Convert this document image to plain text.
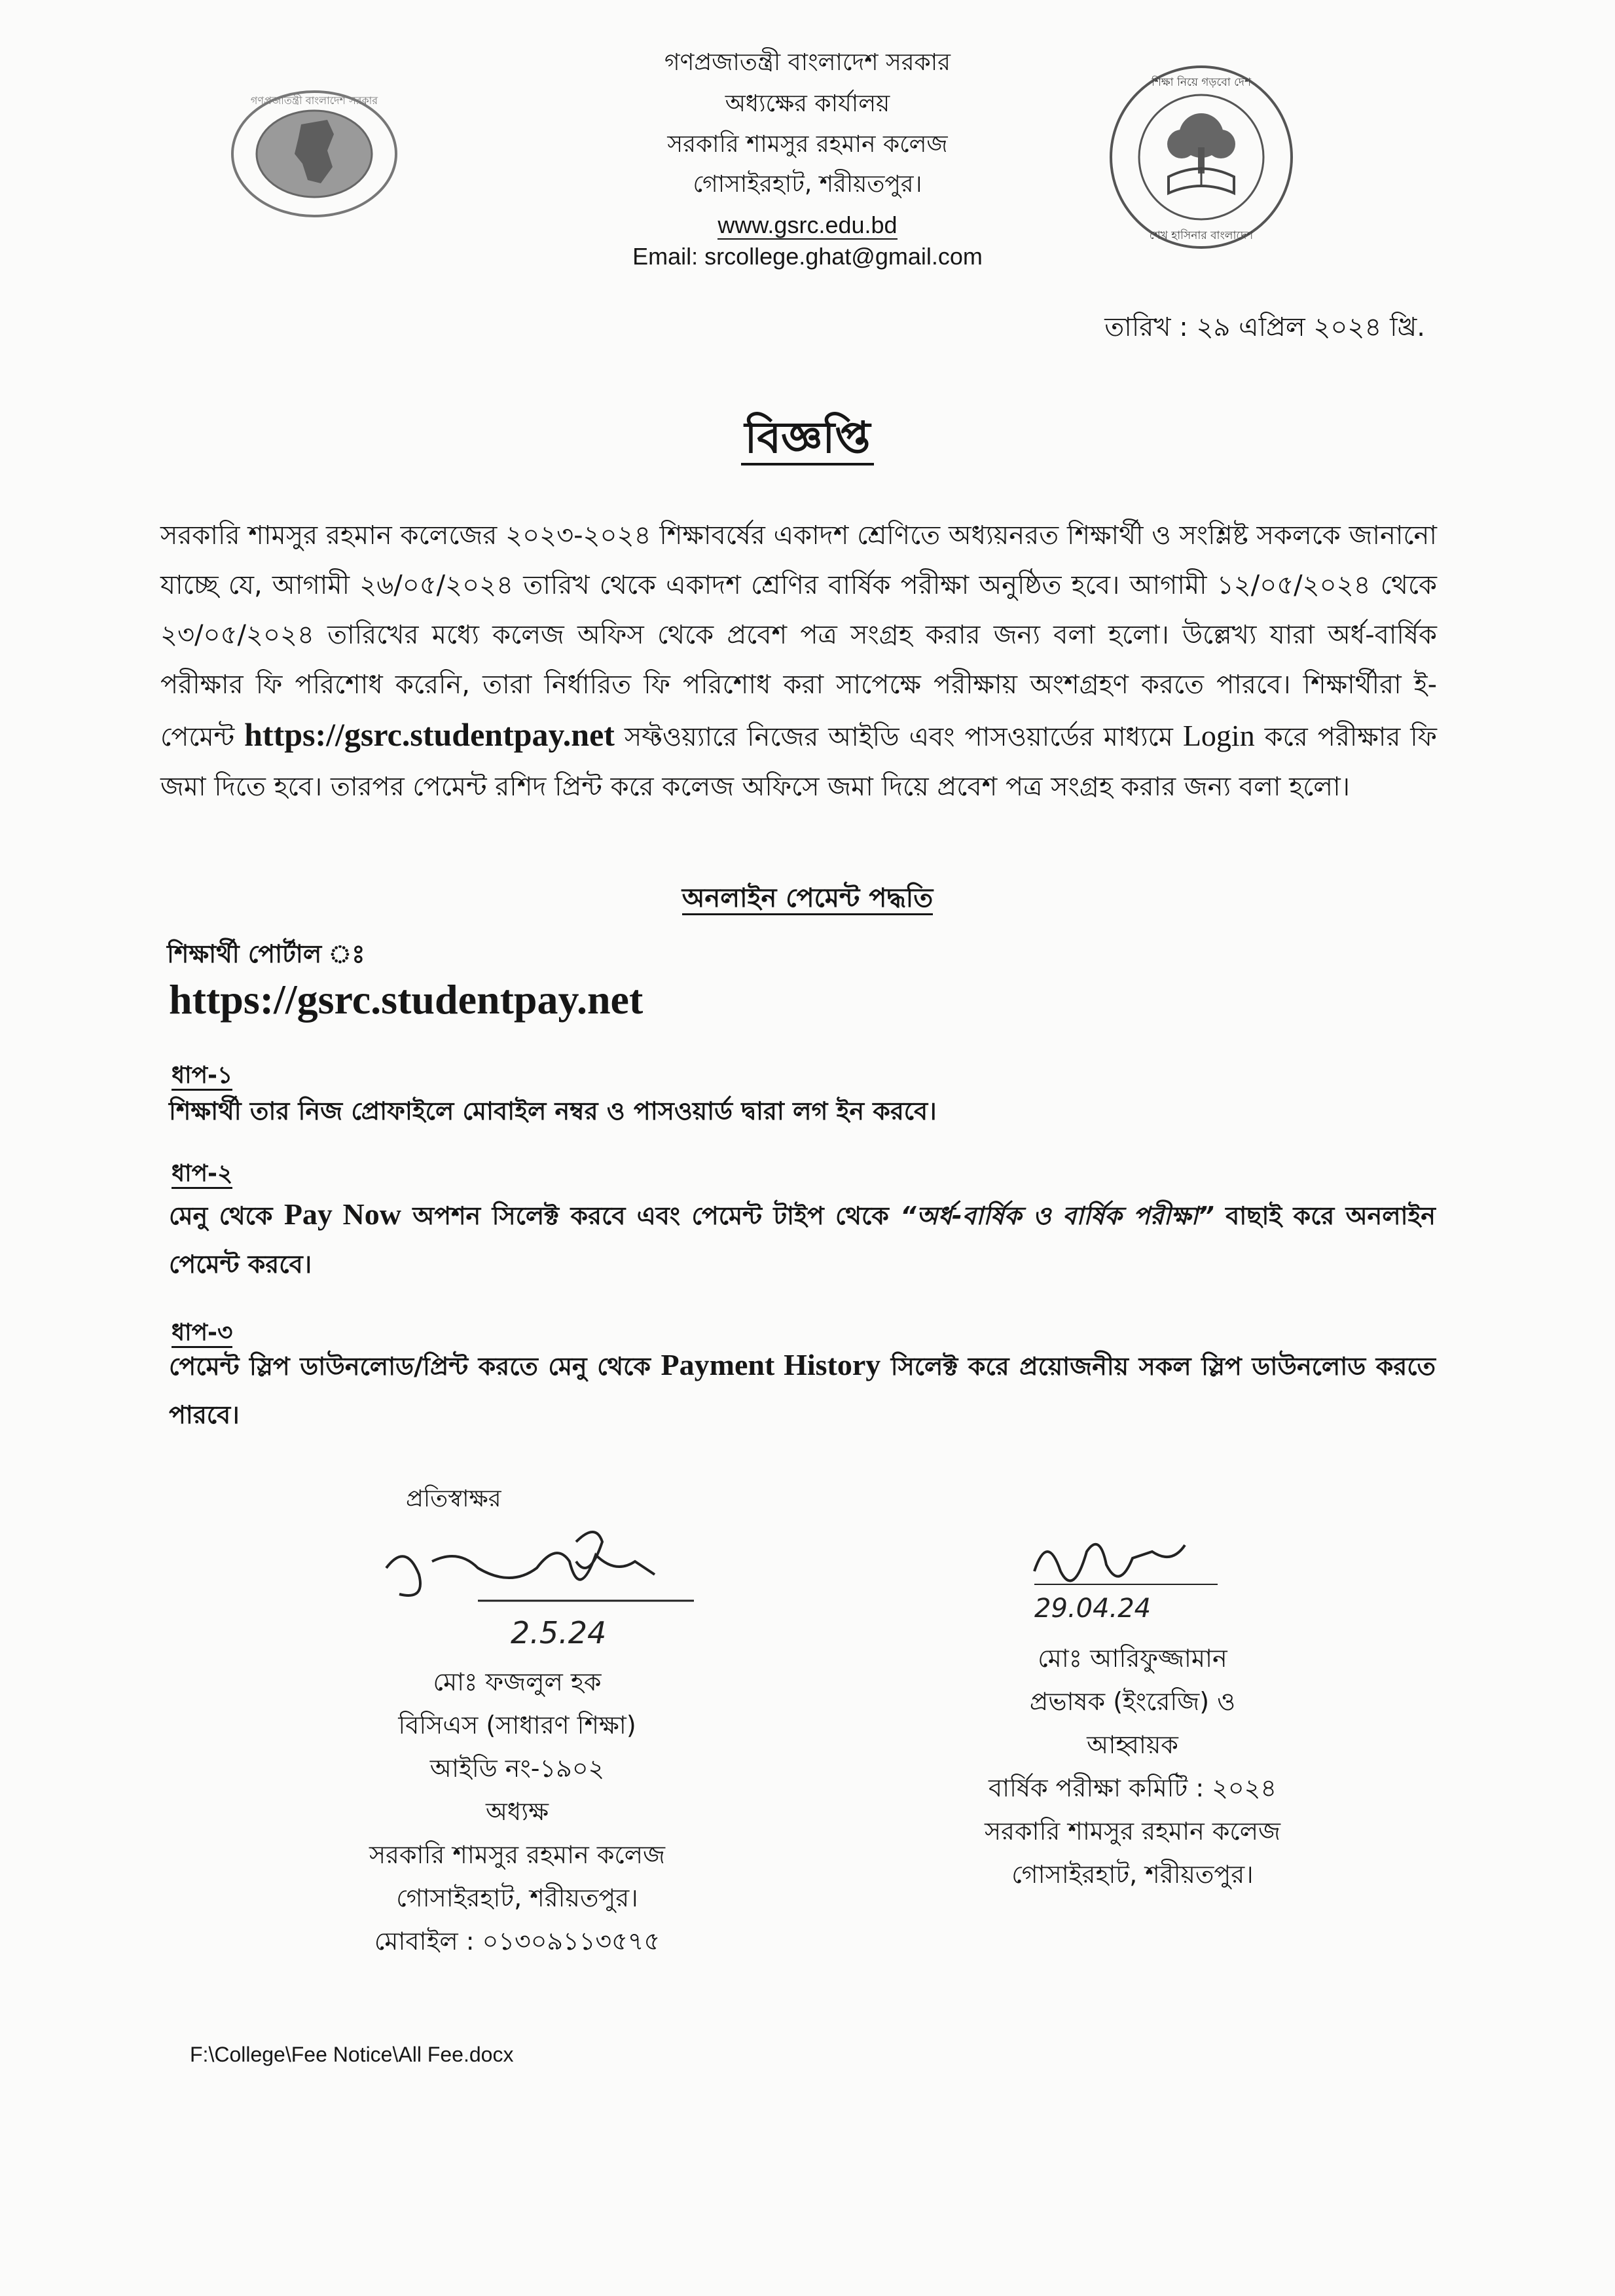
গণপ্রজাতন্ত্রী বাংলাদেশ সরকার
শিক্ষা নিয়ে গড়বো দেশ
শেখ হাসিনার বাংলাদেশ
গণপ্রজাতন্ত্রী বাংলাদেশ সরকার
অধ্যক্ষের কার্যালয়
সরকারি শামসুর রহমান কলেজ
গোসাইরহাট, শরীয়তপুর।
www.gsrc.edu.bd
Email: srcollege.ghat@gmail.com
তারিখ : ২৯ এপ্রিল ২০২৪ খ্রি.
বিজ্ঞপ্তি
সরকারি শামসুর রহমান কলেজের ২০২৩-২০২৪ শিক্ষাবর্ষের একাদশ শ্রেণিতে অধ্যয়নরত শিক্ষার্থী ও সংশ্লিষ্ট সকলকে জানানো যাচ্ছে যে, আগামী ২৬/০৫/২০২৪ তারিখ থেকে একাদশ শ্রেণির বার্ষিক পরীক্ষা অনুষ্ঠিত হবে। আগামী ১২/০৫/২০২৪ থেকে ২৩/০৫/২০২৪ তারিখের মধ্যে কলেজ অফিস থেকে প্রবেশ পত্র সংগ্রহ করার জন্য বলা হলো। উল্লেখ্য যারা অর্ধ-বার্ষিক পরীক্ষার ফি পরিশোধ করেনি, তারা নির্ধারিত ফি পরিশোধ করা সাপেক্ষে পরীক্ষায় অংশগ্রহণ করতে পারবে। শিক্ষার্থীরা ই-পেমেন্ট https://gsrc.studentpay.net সফ্টওয়্যারে নিজের আইডি এবং পাসওয়ার্ডের মাধ্যমে Login করে পরীক্ষার ফি জমা দিতে হবে। তারপর পেমেন্ট রশিদ প্রিন্ট করে কলেজ অফিসে জমা দিয়ে প্রবেশ পত্র সংগ্রহ করার জন্য বলা হলো।
অনলাইন পেমেন্ট পদ্ধতি
শিক্ষার্থী পোর্টাল ঃ
https://gsrc.studentpay.net
ধাপ-১
শিক্ষার্থী তার নিজ প্রোফাইলে মোবাইল নম্বর ও পাসওয়ার্ড দ্বারা লগ ইন করবে।
ধাপ-২
মেনু থেকে Pay Now অপশন সিলেক্ট করবে এবং পেমেন্ট টাইপ থেকে “অর্ধ-বার্ষিক ও বার্ষিক পরীক্ষা” বাছাই করে অনলাইন পেমেন্ট করবে।
ধাপ-৩
পেমেন্ট স্লিপ ডাউনলোড/প্রিন্ট করতে মেনু থেকে Payment History সিলেক্ট করে প্রয়োজনীয় সকল স্লিপ ডাউনলোড করতে পারবে।
প্রতিস্বাক্ষর
2.5.24
29.04.24
মোঃ ফজলুল হক
বিসিএস (সাধারণ শিক্ষা)
আইডি নং-১৯০২
অধ্যক্ষ
সরকারি শামসুর রহমান কলেজ
গোসাইরহাট, শরীয়তপুর।
মোবাইল : ০১৩০৯১১৩৫৭৫
মোঃ আরিফুজ্জামান
প্রভাষক (ইংরেজি) ও
আহ্বায়ক
বার্ষিক পরীক্ষা কমিটি : ২০২৪
সরকারি শামসুর রহমান কলেজ
গোসাইরহাট, শরীয়তপুর।
F:\College\Fee Notice\All Fee.docx
